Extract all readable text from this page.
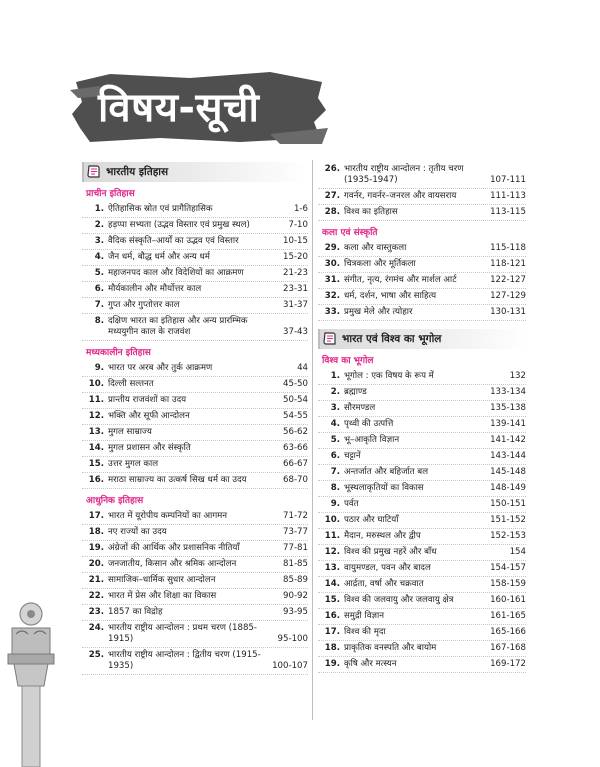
विषय-सूची
भारतीय इतिहास
प्राचीन इतिहास
1. ऐतिहासिक स्रोत एवं प्रागैतिहासिक	1-6
2. हड़प्पा सभ्यता (उद्भव विस्तार एवं प्रमुख स्थल)	7-10
3. वैदिक संस्कृति–आर्यों का उद्भव एवं विस्तार	10-15
4. जैन धर्म, बौद्ध धर्म और अन्य धर्म	15-20
5. महाजनपद काल और विदेशियों का आक्रमण	21-23
6. मौर्यकालीन और मौर्योत्तर काल	23-31
7. गुप्त और गुप्तोत्तर काल	31-37
8. दक्षिण भारत का इतिहास और अन्य प्रारम्भिक मध्ययुगीन काल के राजवंश	37-43
मध्यकालीन इतिहास
9. भारत पर अरब और तुर्क आक्रमण	44
10. दिल्ली सल्तनत	45-50
11. प्रान्तीय राजवंशों का उदय	50-54
12. भक्ति और सूफी आन्दोलन	54-55
13. मुगल साम्राज्य	56-62
14. मुगल प्रशासन और संस्कृति	63-66
15. उत्तर मुगल काल	66-67
16. मराठा साम्राज्य का उत्कर्ष सिख धर्म का उदय	68-70
आधुनिक इतिहास
17. भारत में यूरोपीय कम्पनियों का आगमन	71-72
18. नए राज्यों का उदय	73-77
19. अंग्रेजों की आर्थिक और प्रशासनिक नीतियाँ	77-81
20. जनजातीय, किसान और श्रमिक आन्दोलन	81-85
21. सामाजिक–धार्मिक सुधार आन्दोलन	85-89
22. भारत में प्रेस और शिक्षा का विकास	90-92
23. 1857 का विद्रोह	93-95
24. भारतीय राष्ट्रीय आन्दोलन : प्रथम चरण (1885-1915)	95-100
25. भारतीय राष्ट्रीय आन्दोलन : द्वितीय चरण (1915-1935)	100-107
26. भारतीय राष्ट्रीय आन्दोलन : तृतीय चरण (1935-1947)	107-111
27. गवर्नर, गवर्नर–जनरल और वायसराय	111-113
28. विश्व का इतिहास	113-115
कला एवं संस्कृति
29. कला और वास्तुकला	115-118
30. चित्रकला और मूर्तिकला	118-121
31. संगीत, नृत्य, रंगमंच और मार्शल आर्ट	122-127
32. धर्म, दर्शन, भाषा और साहित्य	127-129
33. प्रमुख मेले और त्योहार	130-131
भारत एवं विश्व का भूगोल
विश्व का भूगोल
1. भूगोल : एक विषय के रूप में	132
2. ब्रह्माण्ड	133-134
3. सौरमण्डल	135-138
4. पृथ्वी की उत्पत्ति	139-141
5. भू–आकृति विज्ञान	141-142
6. चट्टानें	143-144
7. अन्तर्जात और बहिर्जात बल	145-148
8. भूस्थलाकृतियों का विकास	148-149
9. पर्वत	150-151
10. पठार और घाटियाँ	151-152
11. मैदान, मरुस्थल और द्वीप	152-153
12. विश्व की प्रमुख नहरें और बाँध	154
13. वायुमण्डल, पवन और बादल	154-157
14. आर्द्रता, वर्षा और चक्रवात	158-159
15. विश्व की जलवायु और जलवायु क्षेत्र	160-161
16. समुद्री विज्ञान	161-165
17. विश्व की मृदा	165-166
18. प्राकृतिक वनस्पति और बायोम	167-168
19. कृषि और मत्स्यन	169-172
